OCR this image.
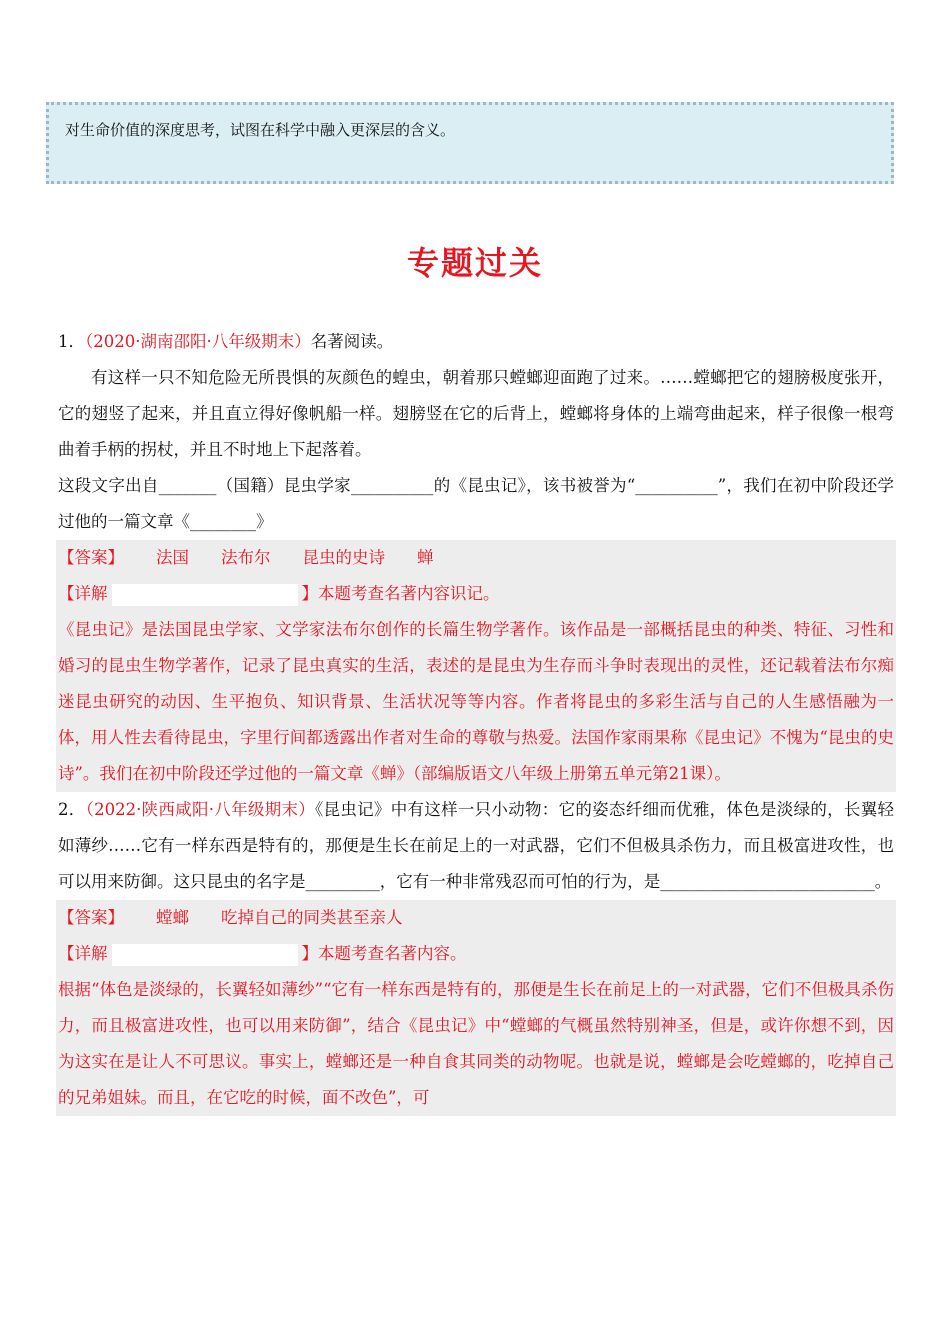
对生命价值的深度思考，试图在科学中融入更深层的含义。
专题过关
1．（2020·湖南邵阳·八年级期末）名著阅读。
有这样一只不知危险无所畏惧的灰颜色的蝗虫，朝着那只螳螂迎面跑了过来。……螳螂把它的翅膀极度张开，它的翅竖了起来，并且直立得好像帆船一样。翅膀竖在它的后背上，螳螂将身体的上端弯曲起来，样子很像一根弯曲着手柄的拐杖，并且不时地上下起落着。
这段文字出自_______（国籍）昆虫学家__________的《昆虫记》，该书被誉为“__________”，我们在初中阶段还学过他的一篇文章《________》
【答案】 法国 法布尔 昆虫的史诗 蝉
【详解	】本题考查名著内容识记。
《昆虫记》是法国昆虫学家、文学家法布尔创作的长篇生物学著作。该作品是一部概括昆虫的种类、特征、习性和婚习的昆虫生物学著作，记录了昆虫真实的生活，表述的是昆虫为生存而斗争时表现出的灵性，还记载着法布尔痴迷昆虫研究的动因、生平抱负、知识背景、生活状况等等内容。作者将昆虫的多彩生活与自己的人生感悟融为一体，用人性去看待昆虫，字里行间都透露出作者对生命的尊敬与热爱。法国作家雨果称《昆虫记》不愧为“昆虫的史诗”。我们在初中阶段还学过他的一篇文章《蝉》（部编版语文八年级上册第五单元第21课）。
2．（2022·陕西咸阳·八年级期末）《昆虫记》中有这样一只小动物：它的姿态纤细而优雅，体色是淡绿的，长翼轻如薄纱……它有一样东西是特有的，那便是生长在前足上的一对武器，它们不但极具杀伤力，而且极富进攻性，也可以用来防御。这只昆虫的名字是_________，它有一种非常残忍而可怕的行为，是__________________________。
【答案】 螳螂 吃掉自己的同类甚至亲人
【详解	】本题考查名著内容。
根据“体色是淡绿的，长翼轻如薄纱”“它有一样东西是特有的，那便是生长在前足上的一对武器，它们不但极具杀伤力，而且极富进攻性，也可以用来防御”，结合《昆虫记》中“螳螂的气概虽然特别神圣，但是，或许你想不到，因为这实在是让人不可思议。事实上，螳螂还是一种自食其同类的动物呢。也就是说，螳螂是会吃螳螂的，吃掉自己的兄弟姐妹。而且，在它吃的时候，面不改色”，可
